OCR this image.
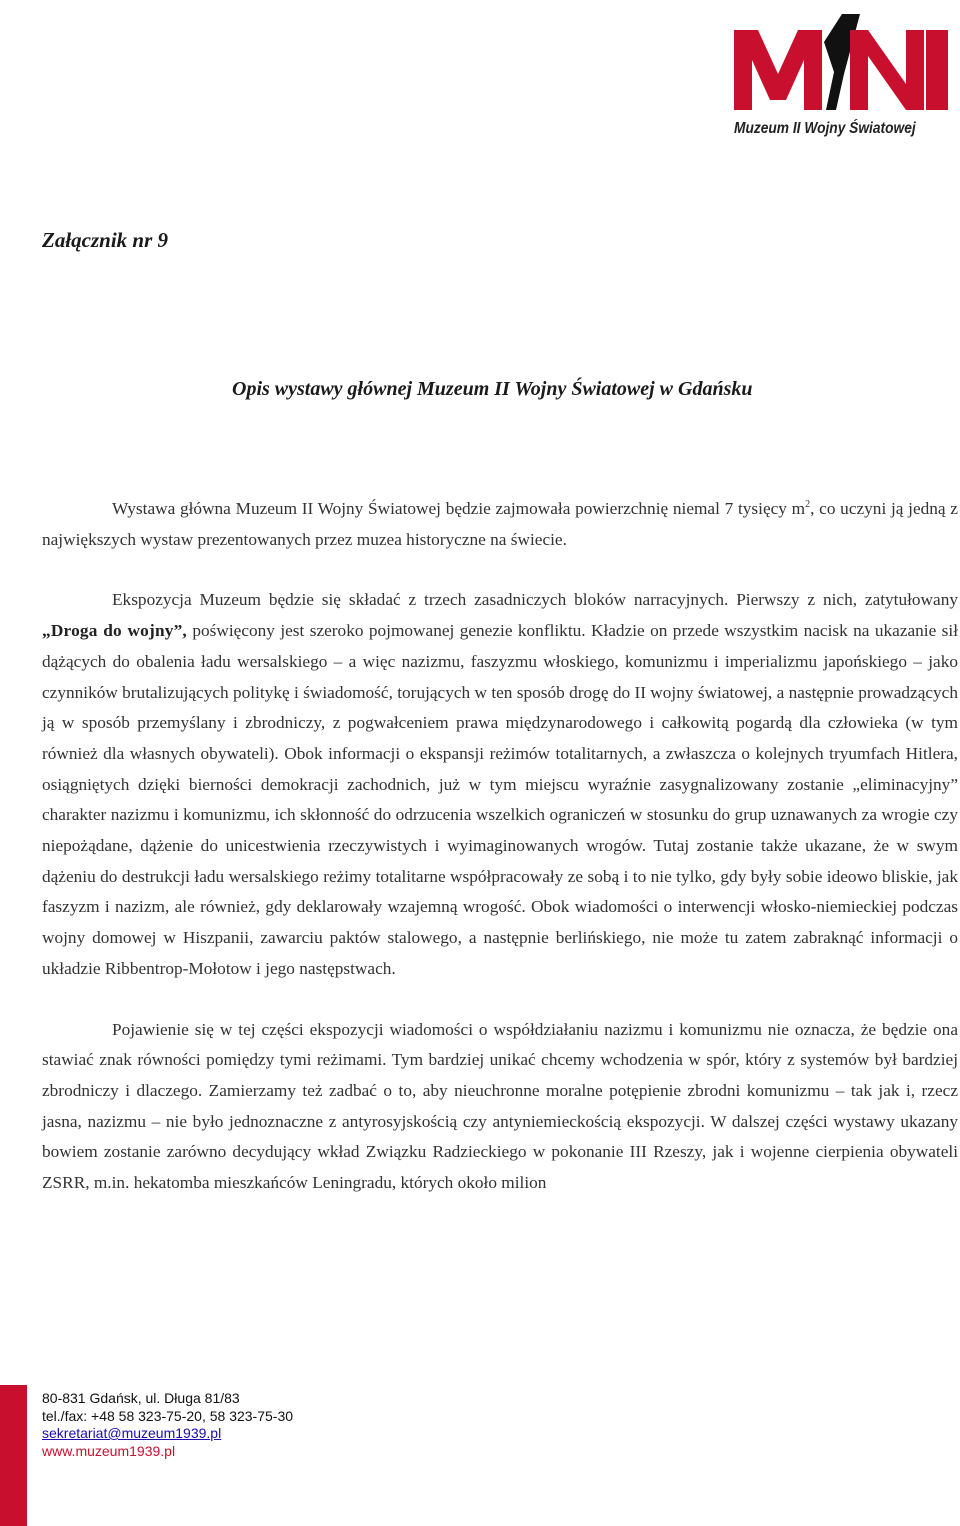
Muzeum II Wojny Światowej
Załącznik nr 9
Opis wystawy głównej Muzeum II Wojny Światowej w Gdańsku

Wystawa główna Muzeum II Wojny Światowej będzie zajmowała powierzchnię niemal 7 tysięcy $m^2$, co uczyni ją jedną z największych wystaw prezentowanych przez muzea historyczne na świecie.

Ekspozycja Muzeum będzie się składać z trzech zasadniczych bloków narracyjnych. Pierwszy z nich, zatytułowany „Droga do wojny”, poświęcony jest szeroko pojmowanej genezie konfliktu. Kładzie on przede wszystkim nacisk na ukazanie sił dążących do obalenia ładu wersalskiego – a więc nazizmu, faszyzmu włoskiego, komunizmu i imperializmu japońskiego – jako czynników brutalizujących politykę i świadomość, torujących w ten sposób drogę do II wojny światowej, a następnie prowadzących ją w sposób przemyślany i zbrodniczy, z pogwałceniem prawa międzynarodowego i całkowitą pogardą dla człowieka (w tym również dla własnych obywateli). Obok informacji o ekspansji reżimów totalitarnych, a zwłaszcza o kolejnych tryumfach Hitlera, osiągniętych dzięki bierności demokracji zachodnich, już w tym miejscu wyraźnie zasygnalizowany zostanie „eliminacyjny” charakter nazizmu i komunizmu, ich skłonność do odrzucenia wszelkich ograniczeń w stosunku do grup uznawanych za wrogie czy niepożądane, dążenie do unicestwienia rzeczywistych i wyimaginowanych wrogów. Tutaj zostanie także ukazane, że w swym dążeniu do destrukcji ładu wersalskiego reżimy totalitarne współpracowały ze sobą i to nie tylko, gdy były sobie ideowo bliskie, jak faszyzm i nazizm, ale również, gdy deklarowały wzajemną wrogość. Obok wiadomości o interwencji włosko-niemieckiej podczas wojny domowej w Hiszpanii, zawarciu paktów stalowego, a następnie berlińskiego, nie może tu zatem zabraknąć informacji o układzie Ribbentrop-Mołotow i jego następstwach.

Pojawienie się w tej części ekspozycji wiadomości o współdziałaniu nazizmu i komunizmu nie oznacza, że będzie ona stawiać znak równości pomiędzy tymi reżimami. Tym bardziej unikać chcemy wchodzenia w spór, który z systemów był bardziej zbrodniczy i dlaczego. Zamierzamy też zadbać o to, aby nieuchronne moralne potępienie zbrodni komunizmu – tak jak i, rzecz jasna, nazizmu – nie było jednoznaczne z antyrosyjskością czy antyniemieckością ekspozycji. W dalszej części wystawy ukazany bowiem zostanie zarówno decydujący wkład Związku Radzieckiego w pokonanie III Rzeszy, jak i wojenne cierpienia obywateli ZSRR, m.in. hekatomba mieszkańców Leningradu, których około milion

80-831 Gdańsk, ul. Długa 81/83
tel./fax: +48 58 323-75-20, 58 323-75-30
sekretariat@muzeum1939.pl
www.muzeum1939.pl
